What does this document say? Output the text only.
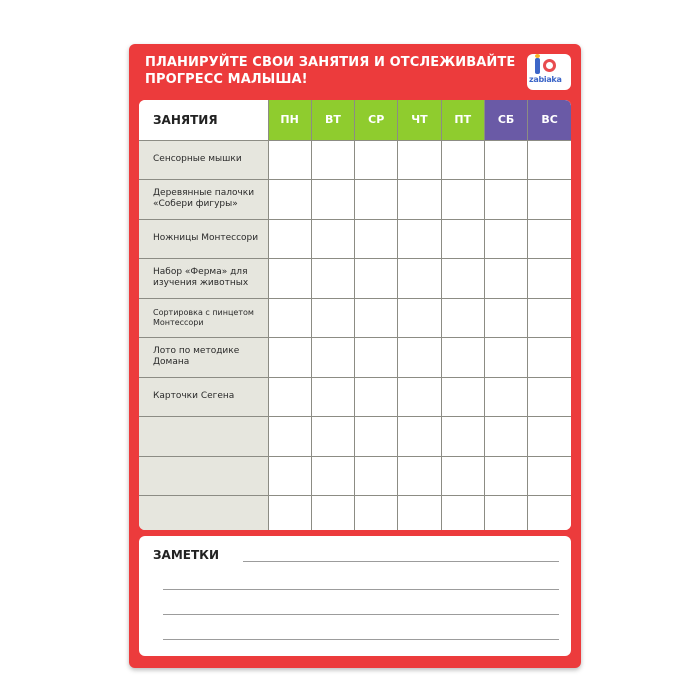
ПЛАНИРУЙТЕ СВОИ ЗАНЯТИЯ И ОТСЛЕЖИВАЙТЕ
ПРОГРЕСС МАЛЫША!	zabiaka
ЗАНЯТИЯ	ПН	ВТ	СР	ЧТ	ПТ	СБ	ВС

Сенсорные мышки							

Деревянные палочки
«Собери фигуры»							

Ножницы Монтессори							

Набор «Ферма» для
изучения животных							

Сортировка с пинцетом
Монтессори							

Лото по методике
Домана							

Карточки Сегена							

ЗАМЕТКИ
